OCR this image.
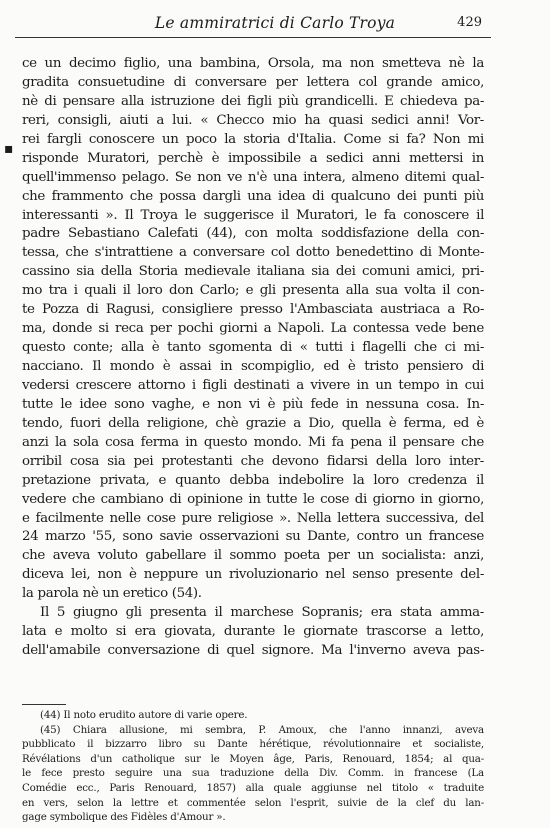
Le ammiratrici di Carlo Troya	429
▪
ce un decimo figlio, una bambina, Orsola, ma non smetteva nè la
gradita consuetudine di conversare per lettera col grande amico,
nè di pensare alla istruzione dei figli più grandicelli. E chiedeva pa-
reri, consigli, aiuti a lui. « Checco mio ha quasi sedici anni! Vor-
rei fargli conoscere un poco la storia d'Italia. Come si fa? Non mi
risponde Muratori, perchè è impossibile a sedici anni mettersi in
quell'immenso pelago. Se non ve n'è una intera, almeno ditemi qual-
che frammento che possa dargli una idea di qualcuno dei punti più
interessanti ». Il Troya le suggerisce il Muratori, le fa conoscere il
padre Sebastiano Calefati (44), con molta soddisfazione della con-
tessa, che s'intrattiene a conversare col dotto benedettino di Monte-
cassino sia della Storia medievale italiana sia dei comuni amici, pri-
mo tra i quali il loro don Carlo; e gli presenta alla sua volta il con-
te Pozza di Ragusi, consigliere presso l'Ambasciata austriaca a Ro-
ma, donde si reca per pochi giorni a Napoli. La contessa vede bene
questo conte; alla è tanto sgomenta di « tutti i flagelli che ci mi-
nacciano. Il mondo è assai in scompiglio, ed è tristo pensiero di
vedersi crescere attorno i figli destinati a vivere in un tempo in cui
tutte le idee sono vaghe, e non vi è più fede in nessuna cosa. In-
tendo, fuori della religione, chè grazie a Dio, quella è ferma, ed è
anzi la sola cosa ferma in questo mondo. Mi fa pena il pensare che
orribil cosa sia pei protestanti che devono fidarsi della loro inter-
pretazione privata, e quanto debba indebolire la loro credenza il
vedere che cambiano di opinione in tutte le cose di giorno in giorno,
e facilmente nelle cose pure religiose ». Nella lettera successiva, del
24 marzo '55, sono savie osservazioni su Dante, contro un francese
che aveva voluto gabellare il sommo poeta per un socialista: anzi,
diceva lei, non è neppure un rivoluzionario nel senso presente del-
la parola nè un eretico (54).
Il 5 giugno gli presenta il marchese Sopranis; era stata amma-
lata e molto si era giovata, durante le giornate trascorse a letto,
dell'amabile conversazione di quel signore. Ma l'inverno aveva pas-
(44) Il noto erudito autore di varie opere.
(45) Chiara allusione, mi sembra, P. Amoux, che l'anno innanzi, aveva
pubblicato il bizzarro libro su Dante hérétique, révolutionnaire et socialiste,
Révélations d'un catholique sur le Moyen âge, Paris, Renouard, 1854; al qua-
le fece presto seguire una sua traduzione della Div. Comm. in francese (La
Comédie ecc., Paris Renouard, 1857) alla quale aggiunse nel titolo « traduite
en vers, selon la lettre et commentée selon l'esprit, suivie de la clef du lan-
gage symbolique des Fidèles d'Amour ».
